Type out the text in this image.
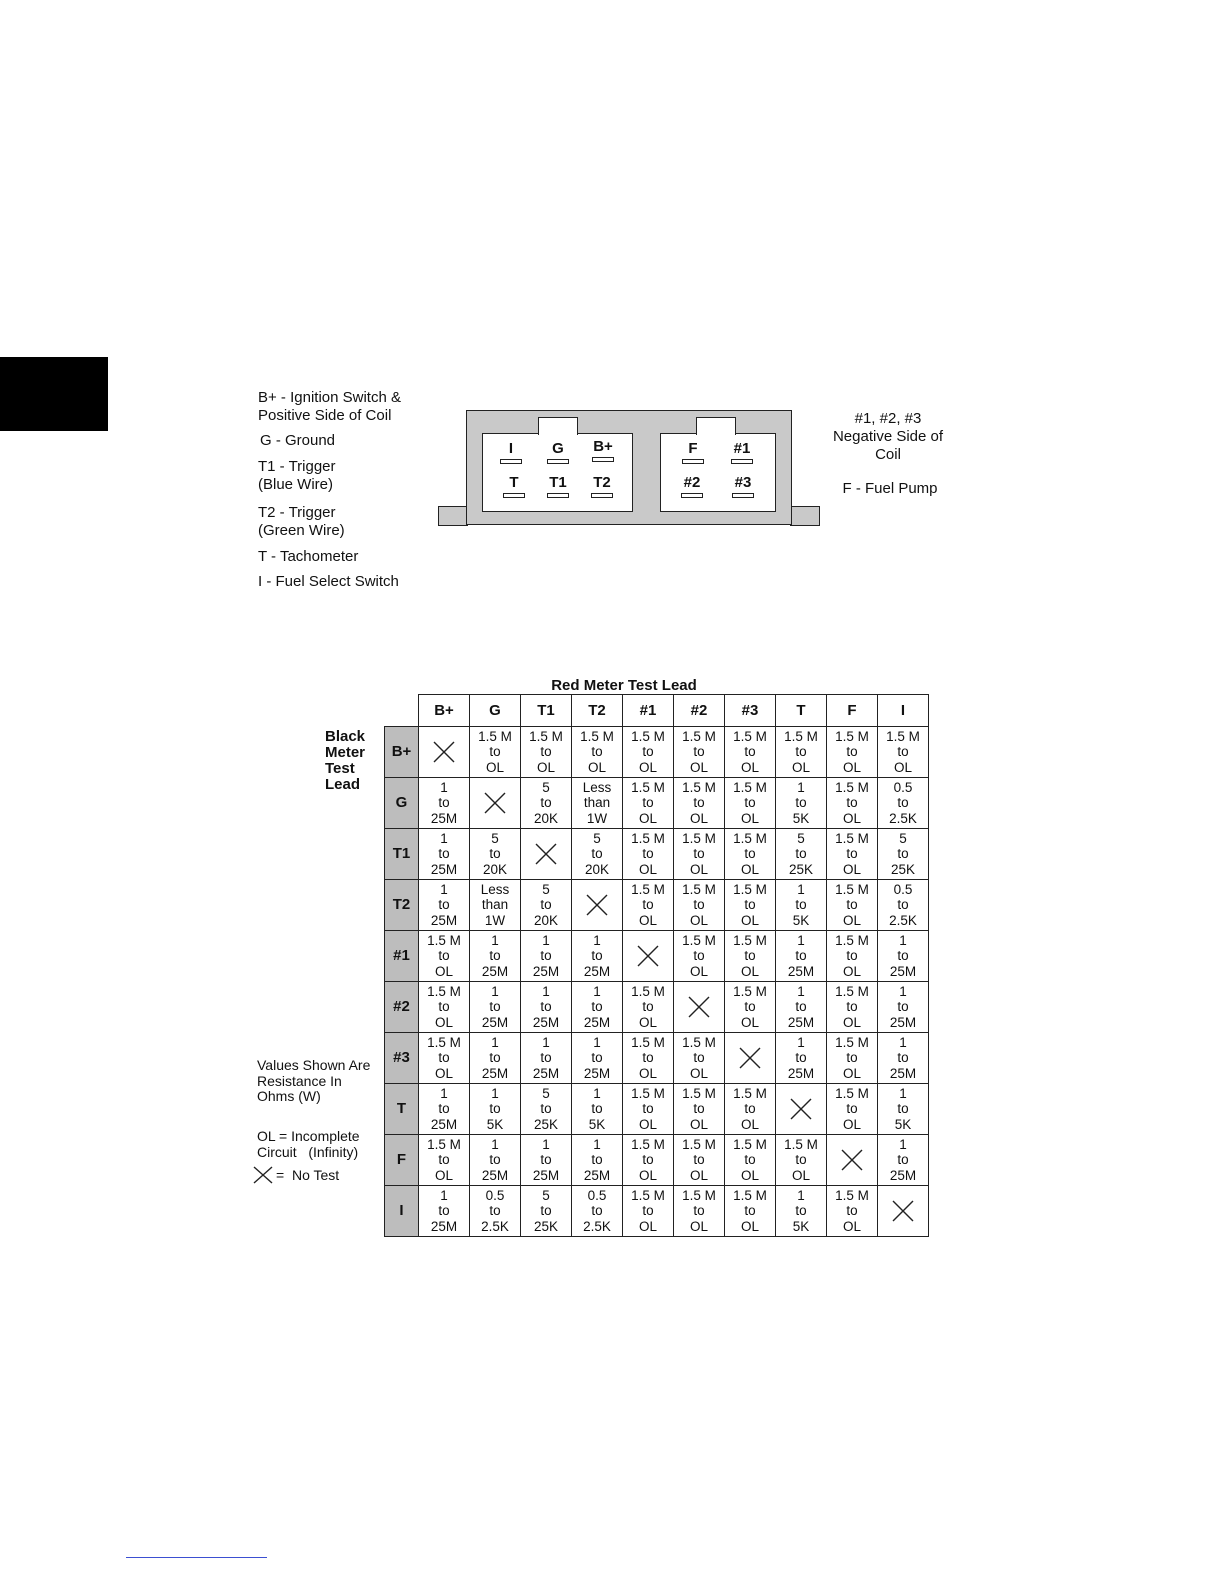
B+ - Ignition Switch &
Positive Side of Coil
G - Ground
T1 - Trigger
(Blue Wire)
T2 - Trigger
(Green Wire)
T - Tachometer
I - Fuel Select Switch
I	G	B+
T	T1	T2
F	#1
#2	#3
#1, #2, #3
Negative Side of
Coil
F - Fuel Pump
Red Meter Test Lead
Black
Meter
Test
Lead
	B+	G	T1	T2	#1	#2	#3	T	F	I
B+		1.5 M
to
OL	1.5 M
to
OL	1.5 M
to
OL	1.5 M
to
OL	1.5 M
to
OL	1.5 M
to
OL	1.5 M
to
OL	1.5 M
to
OL	1.5 M
to
OL
G	1
to
25M		5
to
20K	Less
than
1W	1.5 M
to
OL	1.5 M
to
OL	1.5 M
to
OL	1
to
5K	1.5 M
to
OL	0.5
to
2.5K
T1	1
to
25M	5
to
20K		5
to
20K	1.5 M
to
OL	1.5 M
to
OL	1.5 M
to
OL	5
to
25K	1.5 M
to
OL	5
to
25K
T2	1
to
25M	Less
than
1W	5
to
20K		1.5 M
to
OL	1.5 M
to
OL	1.5 M
to
OL	1
to
5K	1.5 M
to
OL	0.5
to
2.5K
#1	1.5 M
to
OL	1
to
25M	1
to
25M	1
to
25M		1.5 M
to
OL	1.5 M
to
OL	1
to
25M	1.5 M
to
OL	1
to
25M
#2	1.5 M
to
OL	1
to
25M	1
to
25M	1
to
25M	1.5 M
to
OL		1.5 M
to
OL	1
to
25M	1.5 M
to
OL	1
to
25M
#3	1.5 M
to
OL	1
to
25M	1
to
25M	1
to
25M	1.5 M
to
OL	1.5 M
to
OL		1
to
25M	1.5 M
to
OL	1
to
25M
T	1
to
25M	1
to
5K	5
to
25K	1
to
5K	1.5 M
to
OL	1.5 M
to
OL	1.5 M
to
OL		1.5 M
to
OL	1
to
5K
F	1.5 M
to
OL	1
to
25M	1
to
25M	1
to
25M	1.5 M
to
OL	1.5 M
to
OL	1.5 M
to
OL	1.5 M
to
OL		1
to
25M
I	1
to
25M	0.5
to
2.5K	5
to
25K	0.5
to
2.5K	1.5 M
to
OL	1.5 M
to
OL	1.5 M
to
OL	1
to
5K	1.5 M
to
OL	
Values Shown Are
Resistance In
Ohms (W)
OL = Incomplete
Circuit   (Infinity)
=  No Test
